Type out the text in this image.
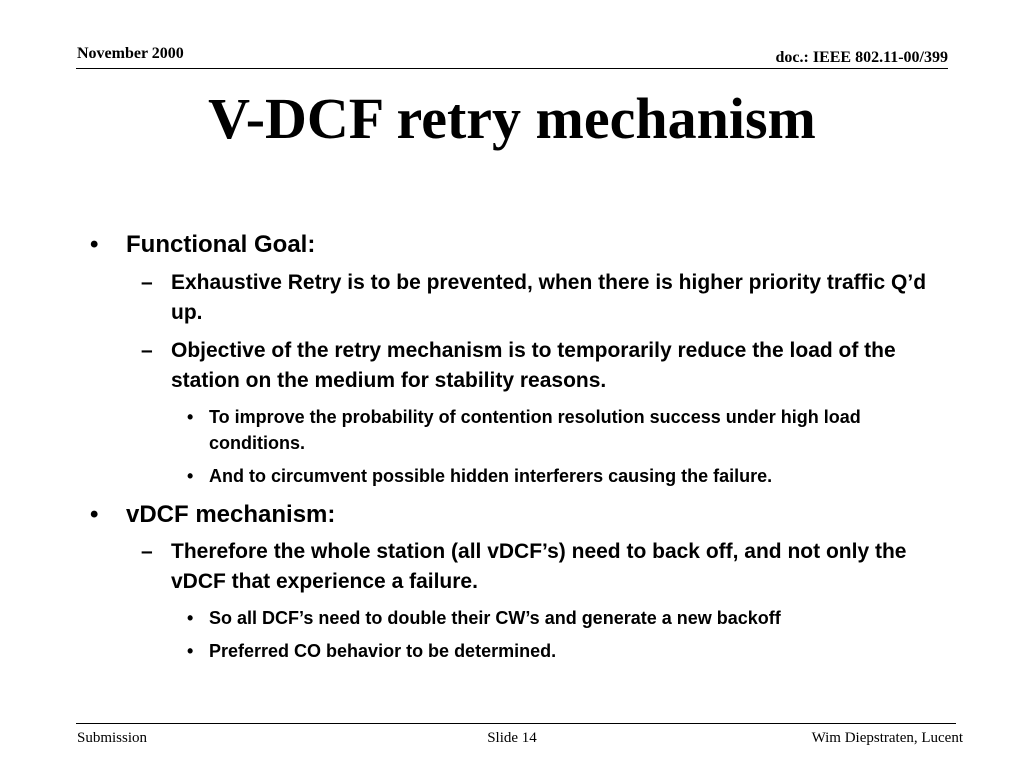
November 2000	doc.: IEEE 802.11-00/399
V-DCF retry mechanism
• Functional Goal:
– Exhaustive Retry is to be prevented, when there is higher priority traffic Q’d up.
– Objective of the retry mechanism is to temporarily reduce the load of the station on the medium for stability reasons.
• To improve the probability of contention resolution success under high load conditions.
• And to circumvent possible hidden interferers causing the failure.
• vDCF mechanism:
– Therefore the whole station (all vDCF’s) need to back off, and not only the vDCF that experience a failure.
• So all DCF’s need to double their CW’s and generate a new backoff
• Preferred CO behavior to be determined.
Submission	Slide 14	Wim Diepstraten, Lucent
